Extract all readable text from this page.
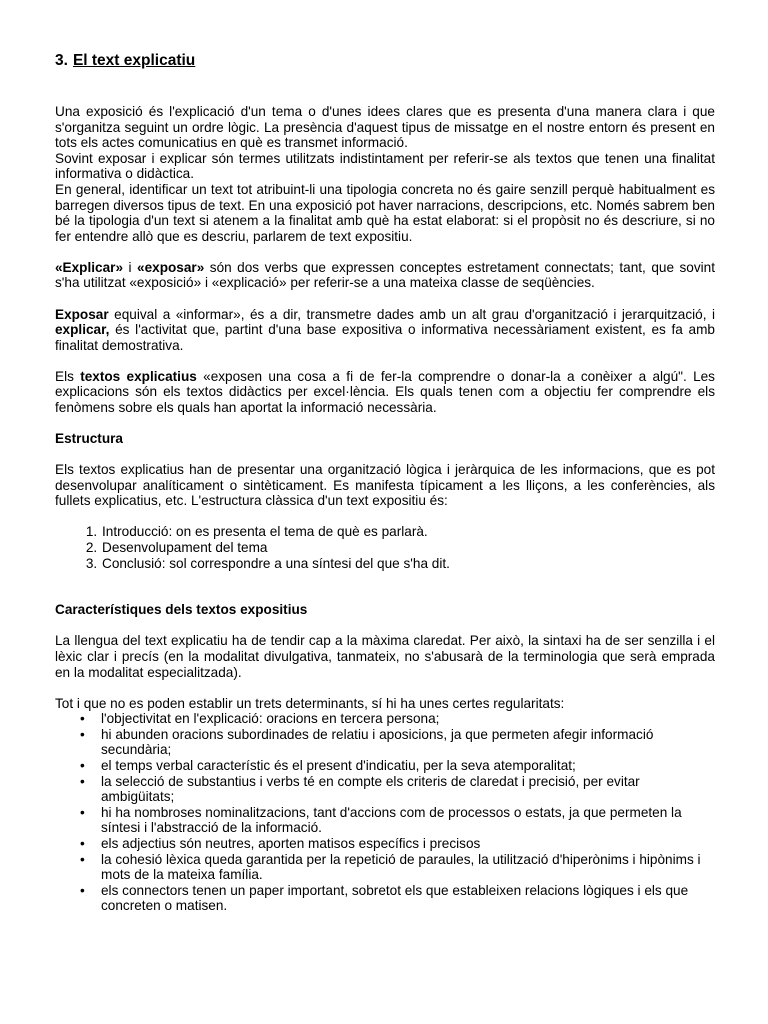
3. El text explicatiu

Una exposició és l'explicació d'un tema o d'unes idees clares que es presenta d'una manera clara i que s'organitza seguint un ordre lògic. La presència d'aquest tipus de missatge en el nostre entorn és present en tots els actes comunicatius en què es transmet informació.

Sovint exposar i explicar són termes utilitzats indistintament per referir-se als textos que tenen una finalitat informativa o didàctica.

En general, identificar un text tot atribuint-li una tipologia concreta no és gaire senzill perquè habitualment es barregen diversos tipus de text. En una exposició pot haver narracions, descripcions, etc. Només sabrem ben bé la tipologia d'un text si atenem a la finalitat amb què ha estat elaborat: si el propòsit no és descriure, si no fer entendre allò que es descriu, parlarem de text expositiu.

«Explicar» i «exposar» són dos verbs que expressen conceptes estretament connectats; tant, que sovint s'ha utilitzat «exposició» i «explicació» per referir-se a una mateixa classe de seqüències.

Exposar equival a «informar», és a dir, transmetre dades amb un alt grau d'organització i jerarquització, i explicar, és l'activitat que, partint d'una base expositiva o informativa necessàriament existent, es fa amb finalitat demostrativa.

Els textos explicatius «exposen una cosa a fi de fer-la comprendre o donar-la a conèixer a algú". Les explicacions són els textos didàctics per excel·lència. Els quals tenen com a objectiu fer comprendre els fenòmens sobre els quals han aportat la informació necessària.

Estructura

Els textos explicatius han de presentar una organització lògica i jeràrquica de les informacions, que es pot desenvolupar analíticament o sintèticament. Es manifesta típicament a les lliçons, a les conferències, als fullets explicatius, etc. L'estructura clàssica d'un text expositiu és:

1. Introducció: on es presenta el tema de què es parlarà.
2. Desenvolupament del tema
3. Conclusió: sol correspondre a una síntesi del que s'ha dit.
Característiques dels textos expositius

La llengua del text explicatiu ha de tendir cap a la màxima claredat. Per això, la sintaxi ha de ser senzilla i el lèxic clar i precís (en la modalitat divulgativa, tanmateix, no s'abusarà de la terminologia que serà emprada en la modalitat especialitzada).

Tot i que no es poden establir un trets determinants, sí hi ha unes certes regularitats:

• l'objectivitat en l'explicació: oracions en tercera persona;
• hi abunden oracions subordinades de relatiu i aposicions, ja que permeten afegir informació secundària;
• el temps verbal característic és el present d'indicatiu, per la seva atemporalitat;
• la selecció de substantius i verbs té en compte els criteris de claredat i precisió, per evitar ambigüitats;
• hi ha nombroses nominalitzacions, tant d'accions com de processos o estats, ja que permeten la síntesi i l'abstracció de la informació.
• els adjectius són neutres, aporten matisos específics i precisos
• la cohesió lèxica queda garantida per la repetició de paraules, la utilització d'hiperònims i hipònims i mots de la mateixa família.
• els connectors tenen un paper important, sobretot els que estableixen relacions lògiques i els que concreten o matisen.
